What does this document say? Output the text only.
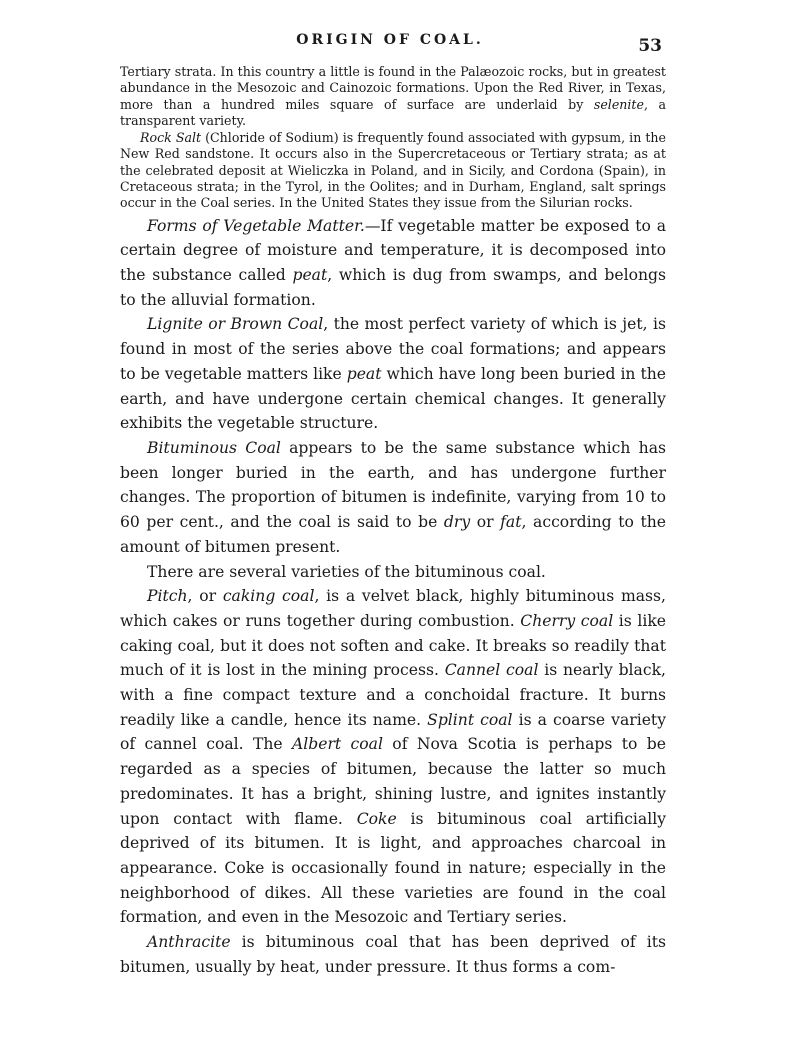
ORIGIN OF COAL.	53

Tertiary strata. In this country a little is found in the Palæozoic rocks, but in greatest abundance in the Mesozoic and Cainozoic formations. Upon the Red River, in Texas, more than a hundred miles square of surface are underlaid by selenite, a transparent variety.

Rock Salt (Chloride of Sodium) is frequently found associated with gypsum, in the New Red sandstone. It occurs also in the Supercretaceous or Tertiary strata; as at the celebrated deposit at Wieliczka in Poland, and in Sicily, and Cordona (Spain), in Cretaceous strata; in the Tyrol, in the Oolites; and in Durham, England, salt springs occur in the Coal series. In the United States they issue from the Silurian rocks.

Forms of Vegetable Matter.—If vegetable matter be exposed to a certain degree of moisture and temperature, it is decomposed into the substance called peat, which is dug from swamps, and belongs to the alluvial formation.

Lignite or Brown Coal, the most perfect variety of which is jet, is found in most of the series above the coal formations; and appears to be vegetable matters like peat which have long been buried in the earth, and have undergone certain chemical changes. It generally exhibits the vegetable structure.

Bituminous Coal appears to be the same substance which has been longer buried in the earth, and has undergone further changes. The proportion of bitumen is indefinite, varying from 10 to 60 per cent., and the coal is said to be dry or fat, according to the amount of bitumen present.

There are several varieties of the bituminous coal.

Pitch, or caking coal, is a velvet black, highly bituminous mass, which cakes or runs together during combustion. Cherry coal is like caking coal, but it does not soften and cake. It breaks so readily that much of it is lost in the mining process. Cannel coal is nearly black, with a fine compact texture and a conchoidal fracture. It burns readily like a candle, hence its name. Splint coal is a coarse variety of cannel coal. The Albert coal of Nova Scotia is perhaps to be regarded as a species of bitumen, because the latter so much predominates. It has a bright, shining lustre, and ignites instantly upon contact with flame. Coke is bituminous coal artificially deprived of its bitumen. It is light, and approaches charcoal in appearance. Coke is occasionally found in nature; especially in the neighborhood of dikes. All these varieties are found in the coal formation, and even in the Mesozoic and Tertiary series.

Anthracite is bituminous coal that has been deprived of its bitumen, usually by heat, under pressure. It thus forms a com-
